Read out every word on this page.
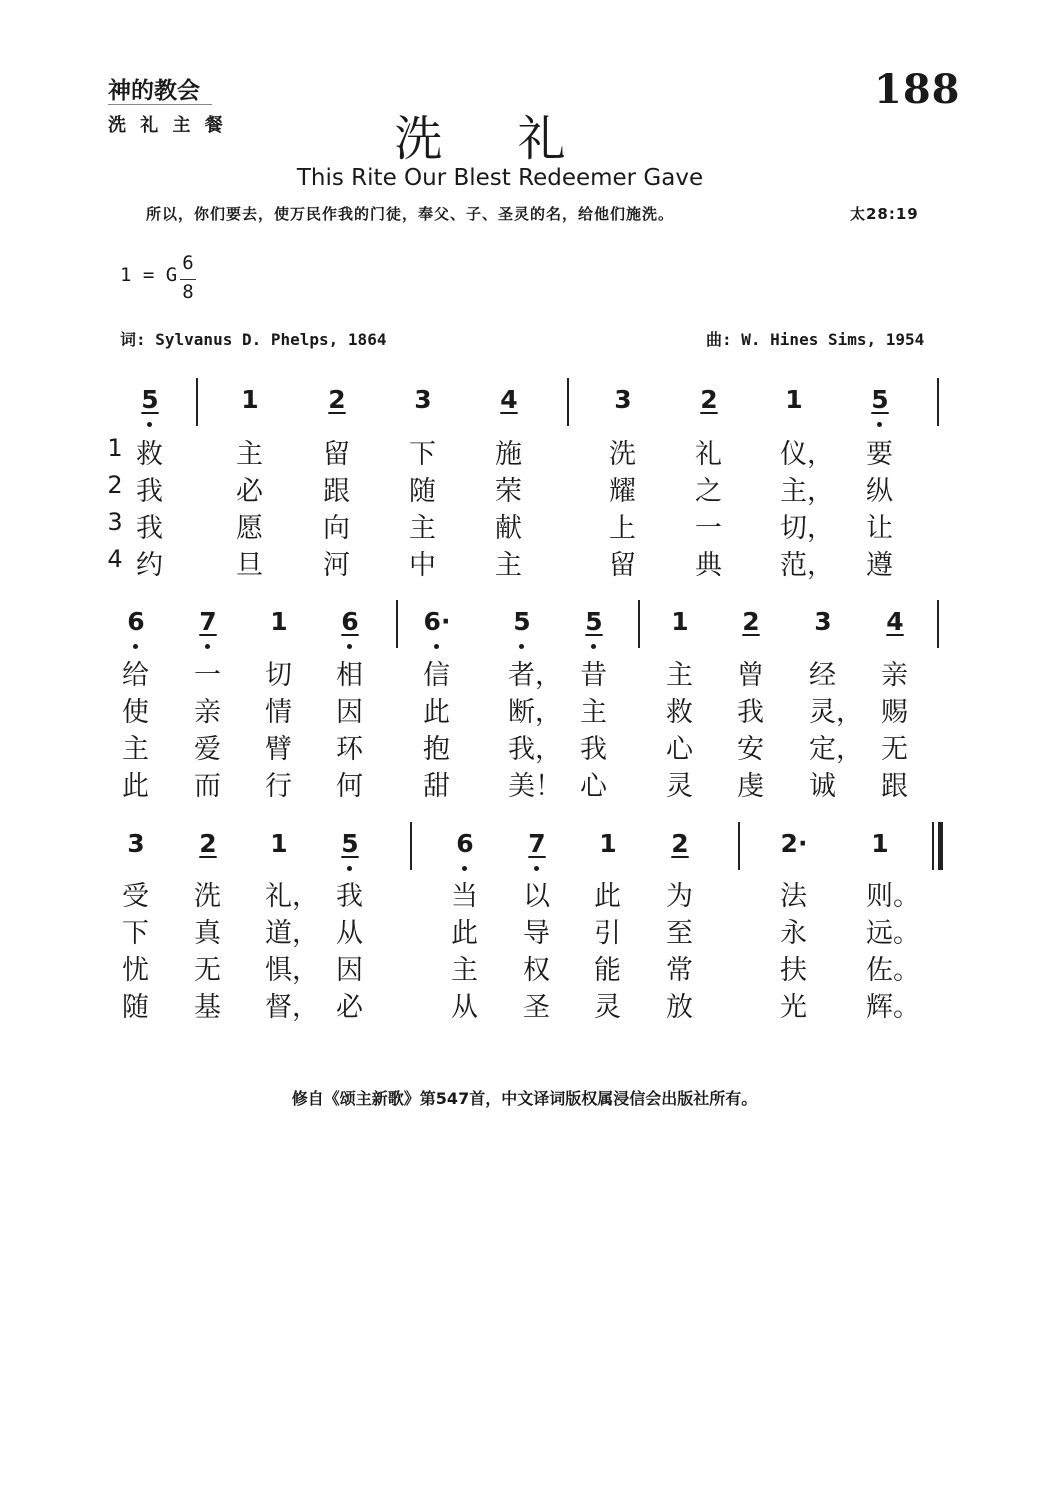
神的教会
洗 礼 主 餐
188
洗 礼
This Rite Our Blest Redeemer Gave
所以，你们要去，使万民作我的门徒，奉父、子、圣灵的名，给他们施洗。	太28:19
1 = G
6
8
词: Sylvanus D. Phelps, 1864	曲: W. Hines Sims, 1954
5	1	2	3	4	3	2	1	5
1 救	主 留 下 施	洗 礼 仪， 要
2 我	必 跟 随 荣	耀 之 主， 纵
3 我	愿 向 主 献	上 一 切， 让
4 约	旦 河 中 主	留 典 范， 遵
6	7	1	6	6·	5	5	1	2	3	4
给 一 切 相 信 者， 昔 主 曾 经 亲
使 亲 情 因 此 断， 主 救 我 灵， 赐
主 爱 臂 环 抱 我， 我 心 安 定， 无
此 而 行 何 甜 美！ 心 灵 虔 诚 跟
3	2	1	5	6	7	1	2	2·	1
受 洗 礼， 我	当 以 此 为	法 则。
下 真 道， 从	此 导 引 至	永 远。
忧 无 惧， 因	主 权 能 常	扶 佐。
随 基 督， 必	从 圣 灵 放	光 辉。
修自《颂主新歌》第547首，中文译词版权属浸信会出版社所有。
